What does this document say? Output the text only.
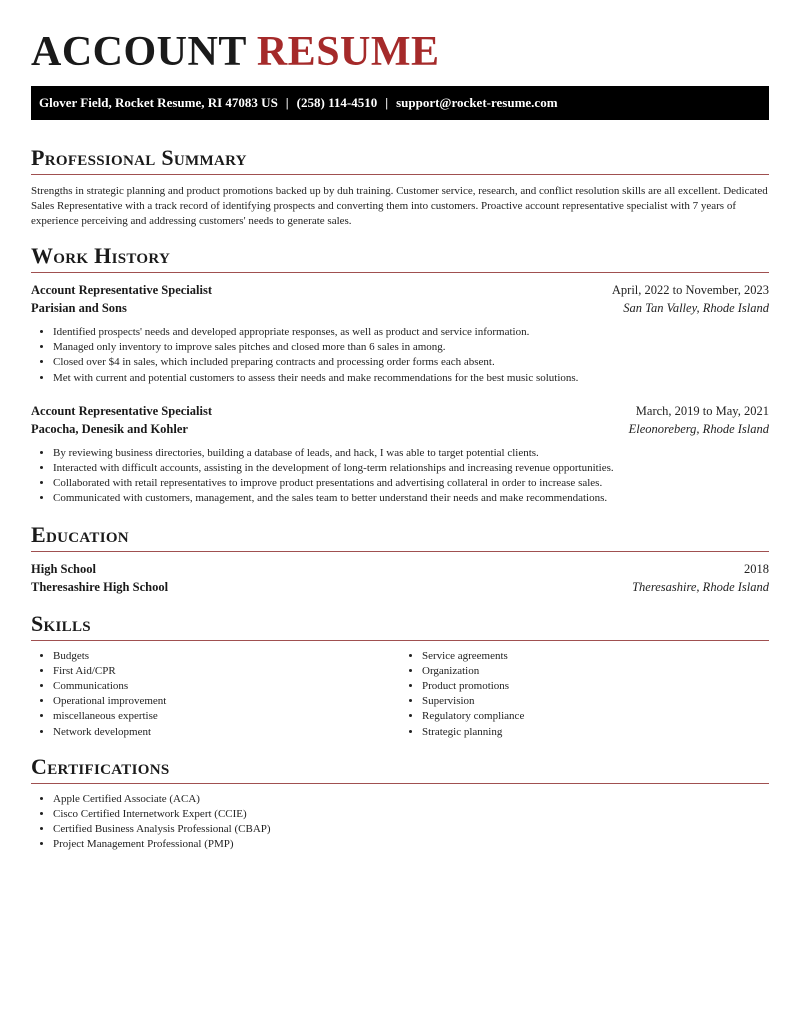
ACCOUNT RESUME
Glover Field, Rocket Resume, RI 47083 US | (258) 114-4510 | support@rocket-resume.com
Professional Summary
Strengths in strategic planning and product promotions backed up by duh training. Customer service, research, and conflict resolution skills are all excellent. Dedicated Sales Representative with a track record of identifying prospects and converting them into customers. Proactive account representative specialist with 7 years of experience perceiving and addressing customers' needs to generate sales.
Work History
Account Representative Specialist	April, 2022 to November, 2023
Parisian and Sons	San Tan Valley, Rhode Island
• Identified prospects' needs and developed appropriate responses, as well as product and service information.
• Managed only inventory to improve sales pitches and closed more than 6 sales in among.
• Closed over $4 in sales, which included preparing contracts and processing order forms each absent.
• Met with current and potential customers to assess their needs and make recommendations for the best music solutions.
Account Representative Specialist	March, 2019 to May, 2021
Pacocha, Denesik and Kohler	Eleonoreberg, Rhode Island
• By reviewing business directories, building a database of leads, and hack, I was able to target potential clients.
• Interacted with difficult accounts, assisting in the development of long-term relationships and increasing revenue opportunities.
• Collaborated with retail representatives to improve product presentations and advertising collateral in order to increase sales.
• Communicated with customers, management, and the sales team to better understand their needs and make recommendations.
Education
High School	2018
Theresashire High School	Theresashire, Rhode Island
Skills
• Budgets
• First Aid/CPR
• Communications
• Operational improvement
• miscellaneous expertise
• Network development
• Service agreements
• Organization
• Product promotions
• Supervision
• Regulatory compliance
• Strategic planning
Certifications
• Apple Certified Associate (ACA)
• Cisco Certified Internetwork Expert (CCIE)
• Certified Business Analysis Professional (CBAP)
• Project Management Professional (PMP)
